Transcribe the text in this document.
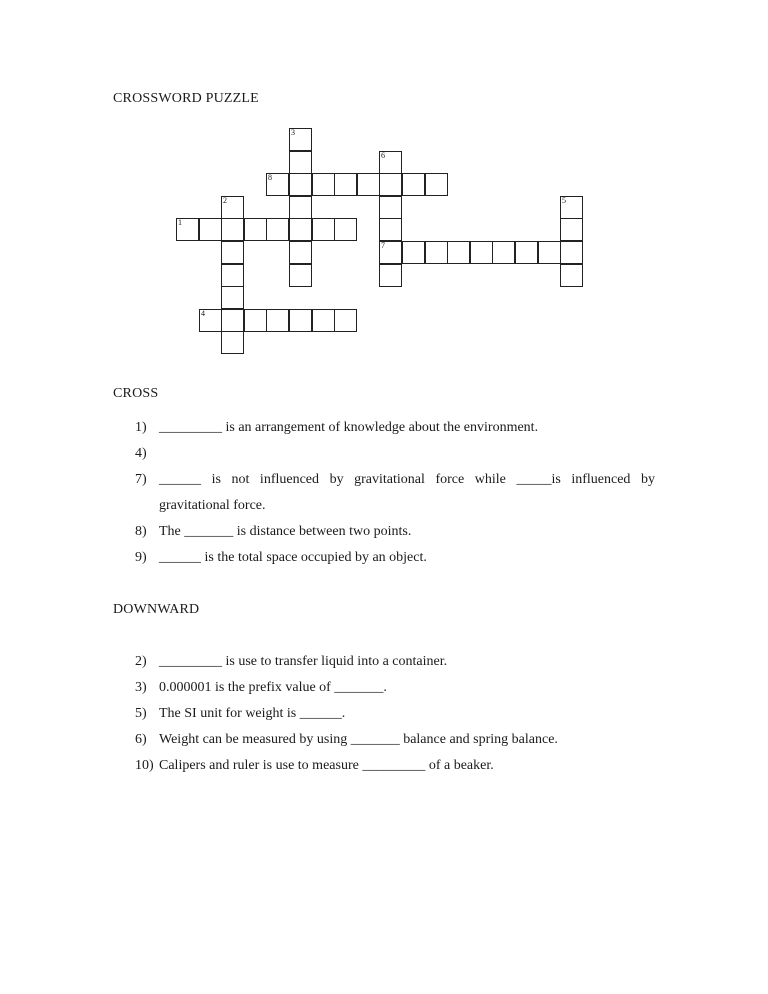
CROSSWORD PUZZLE
8
1
7
4
3
6
2	5
CROSS
1) _________ is an arrangement of knowledge about the environment.
4)
7) ______ is not influenced by gravitational force while _____is influenced by gravitational force.
8) The _______ is distance between two points.
9) ______ is the total space occupied by an object.
DOWNWARD
2) _________ is use to transfer liquid into a container.
3) 0.000001 is the prefix value of _______.
5) The SI unit for weight is ______.
6) Weight can be measured by using _______ balance and spring balance.
10) Calipers and ruler is use to measure _________ of a beaker.
